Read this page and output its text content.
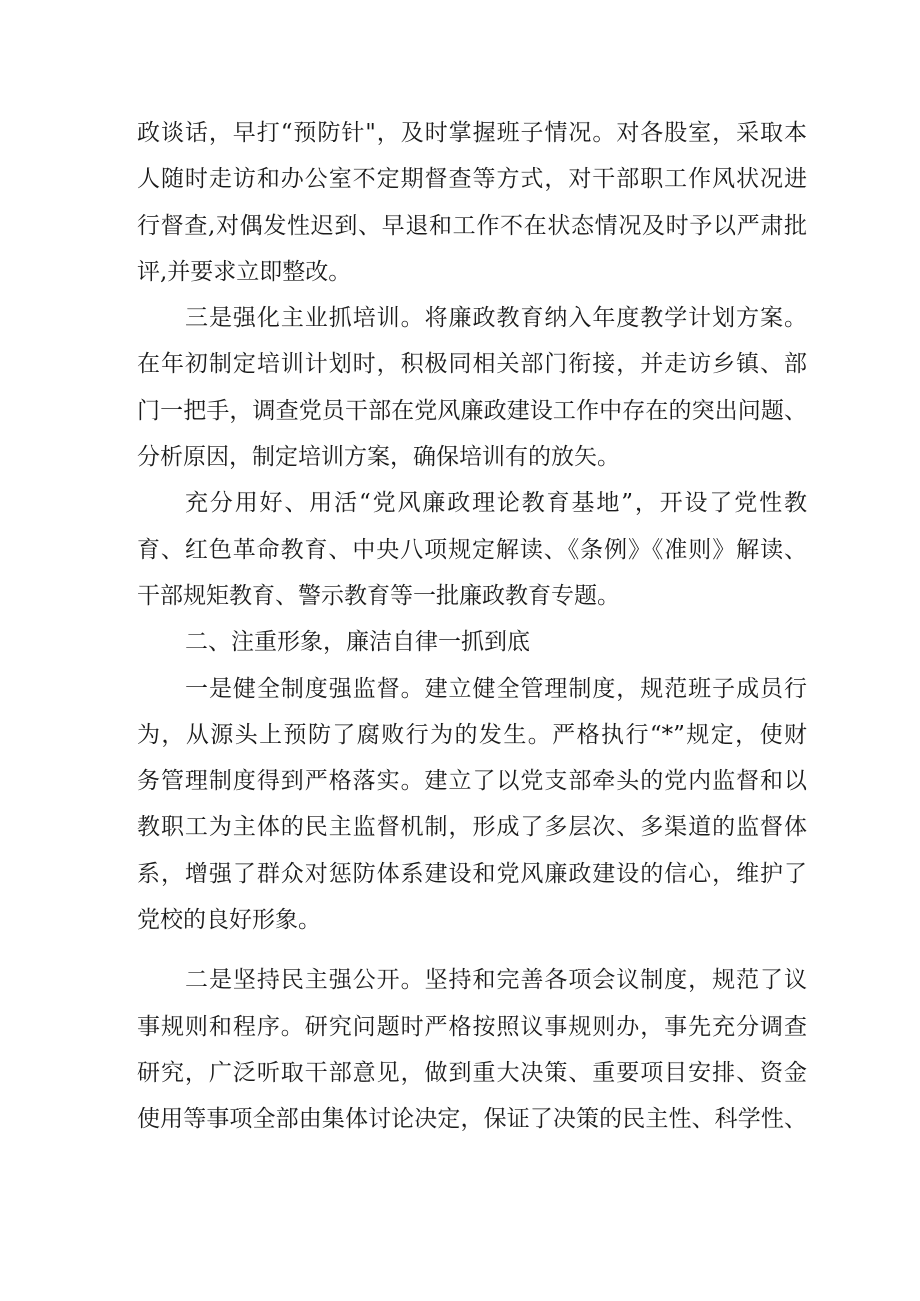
政谈话，早打“预防针"，及时掌握班子情况。对各股室，采取本
人随时走访和办公室不定期督查等方式，对干部职工作风状况进
行督查,对偶发性迟到、早退和工作不在状态情况及时予以严肃批
评,并要求立即整改。
三是强化主业抓培训。将廉政教育纳入年度教学计划方案。
在年初制定培训计划时，积极同相关部门衔接，并走访乡镇、部
门一把手，调查党员干部在党风廉政建设工作中存在的突出问题、
分析原因，制定培训方案，确保培训有的放矢。
充分用好、用活“党风廉政理论教育基地”，开设了党性教
育、红色革命教育、中央八项规定解读、《条例》《准则》解读、
干部规矩教育、警示教育等一批廉政教育专题。
二、注重形象，廉洁自律一抓到底
一是健全制度强监督。建立健全管理制度，规范班子成员行
为，从源头上预防了腐败行为的发生。严格执行“*”规定，使财
务管理制度得到严格落实。建立了以党支部牵头的党内监督和以
教职工为主体的民主监督机制，形成了多层次、多渠道的监督体
系，增强了群众对惩防体系建设和党风廉政建设的信心，维护了
党校的良好形象。
二是坚持民主强公开。坚持和完善各项会议制度，规范了议
事规则和程序。研究问题时严格按照议事规则办，事先充分调查
研究，广泛听取干部意见，做到重大决策、重要项目安排、资金
使用等事项全部由集体讨论决定，保证了决策的民主性、科学性、
